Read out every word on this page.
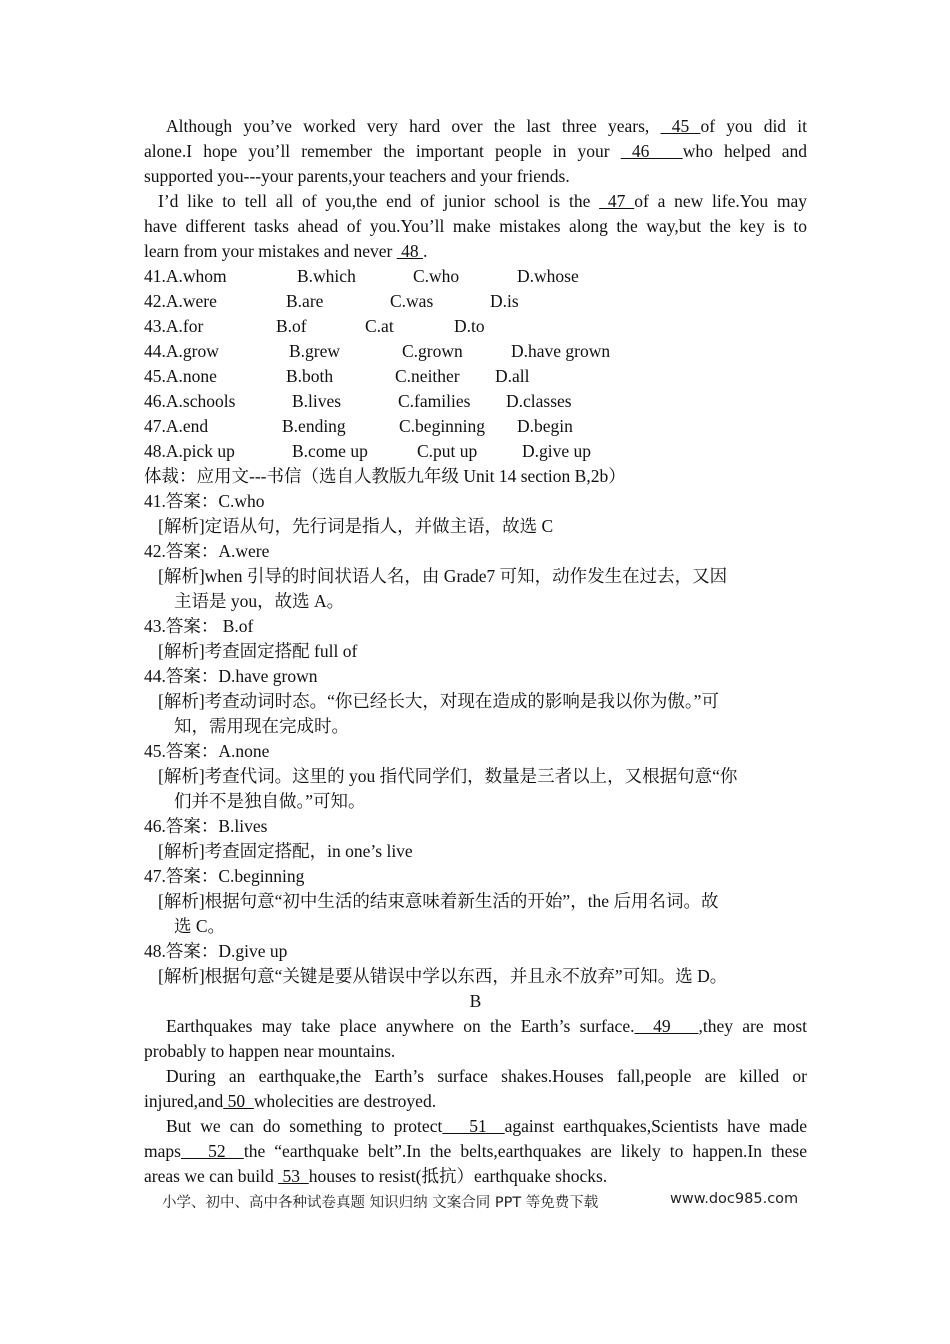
Although you’ve worked very hard over the last three years,  45 of you did it
alone.I hope you’ll remember the important people in your  46   who helped and
supported you---your parents,your teachers and your friends.
I’d like to tell all of you,the end of junior school is the  47 of a new life.You may
have different tasks ahead of you.You’ll make mistakes along the way,but the key is to
learn from your mistakes and never  48 .
41.A.whom	B.which	C.who	D.whose
42.A.were	B.are	C.was	D.is
43.A.for	B.of	C.at	D.to
44.A.grow	B.grew	C.grown	D.have grown
45.A.none	B.both	C.neither D.all
46.A.schools	B.lives	C.families D.classes
47.A.end	B.ending	C.beginning D.begin
48.A.pick up	B.come up	C.put up	D.give up
体裁：应用文---书信（选自人教版九年级 Unit 14 section B,2b）
41.答案：C.who
[解析]定语从句，先行词是指人，并做主语，故选 C
42.答案：A.were
[解析]when 引导的时间状语人名，由 Grade7 可知，动作发生在过去，又因
主语是 you，故选 A。
43.答案： B.of
[解析]考查固定搭配 full of
44.答案：D.have grown
[解析]考查动词时态。“你已经长大，对现在造成的影响是我以你为傲。”可
知，需用现在完成时。
45.答案：A.none
[解析]考查代词。这里的 you 指代同学们，数量是三者以上，又根据句意“你
们并不是独自做。”可知。
46.答案：B.lives
[解析]考查固定搭配，in one’s live
47.答案：C.beginning
[解析]根据句意“初中生活的结束意味着新生活的开始”，the 后用名词。故
选 C。
48.答案：D.give up
[解析]根据句意“关键是要从错误中学以东西，并且永不放弃”可知。选 D。
B
Earthquakes may take place anywhere on the Earth’s surface.  49   ,they are most
probably to happen near mountains.
During an earthquake,the Earth’s surface shakes.Houses fall,people are killed or
injured,and 50  wholecities are destroyed.
But we can do something to protect   51  against earthquakes,Scientists have made
maps   52  the “earthquake belt”.In the belts,earthquakes are likely to happen.In these
areas we can build  53  houses to resist(抵抗）earthquake shocks.
小学、初中、高中各种试卷真题 知识归纳 文案合同 PPT 等免费下载	www.doc985.com
